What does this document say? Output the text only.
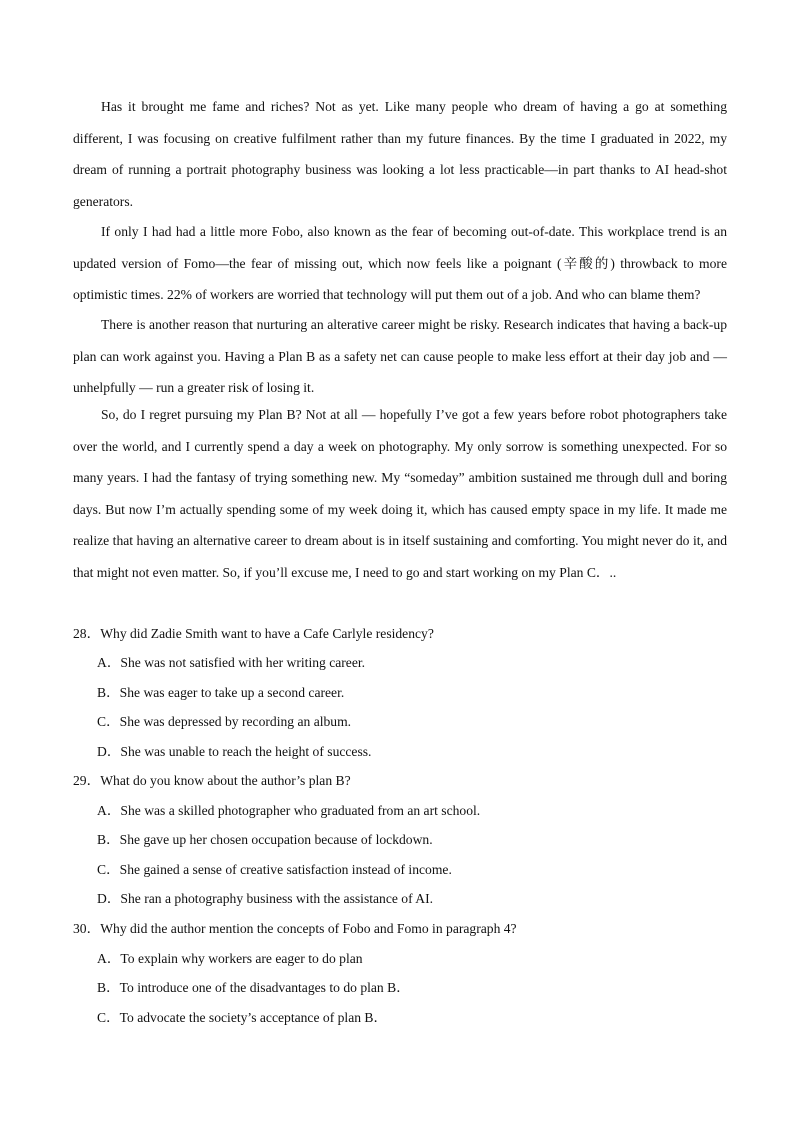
Has it brought me fame and riches? Not as yet. Like many people who dream of having a go at something different, I was focusing on creative fulfilment rather than my future finances. By the time I graduated in 2022, my dream of running a portrait photography business was looking a lot less practicable—in part thanks to AI head-shot generators.

If only I had had a little more Fobo, also known as the fear of becoming out-of-date. This workplace trend is an updated version of Fomo—the fear of missing out, which now feels like a poignant (辛酸的) throwback to more optimistic times. 22% of workers are worried that technology will put them out of a job. And who can blame them?

There is another reason that nurturing an alterative career might be risky. Research indicates that having a back-up plan can work against you. Having a Plan B as a safety net can cause people to make less effort at their day job and — unhelpfully — run a greater risk of losing it.

So, do I regret pursuing my Plan B? Not at all — hopefully I’ve got a few years before robot photographers take over the world, and I currently spend a day a week on photography. My only sorrow is something unexpected. For so many years. I had the fantasy of trying something new. My “someday” ambition sustained me through dull and boring days. But now I’m actually spending some of my week doing it, which has caused empty space in my life. It made me realize that having an alternative career to dream about is in itself sustaining and comforting. You might never do it, and that might not even matter. So, if you’ll excuse me, I need to go and start working on my Plan C．..

28．Why did Zadie Smith want to have a Cafe Carlyle residency?
A．She was not satisfied with her writing career.
B．She was eager to take up a second career.
C．She was depressed by recording an album.
D．She was unable to reach the height of success.
29．What do you know about the author’s plan B?
A．She was a skilled photographer who graduated from an art school.
B．She gave up her chosen occupation because of lockdown.
C．She gained a sense of creative satisfaction instead of income.
D．She ran a photography business with the assistance of AI.
30．Why did the author mention the concepts of Fobo and Fomo in paragraph 4?
A．To explain why workers are eager to do plan
B．To introduce one of the disadvantages to do plan B．
C．To advocate the society’s acceptance of plan B．
